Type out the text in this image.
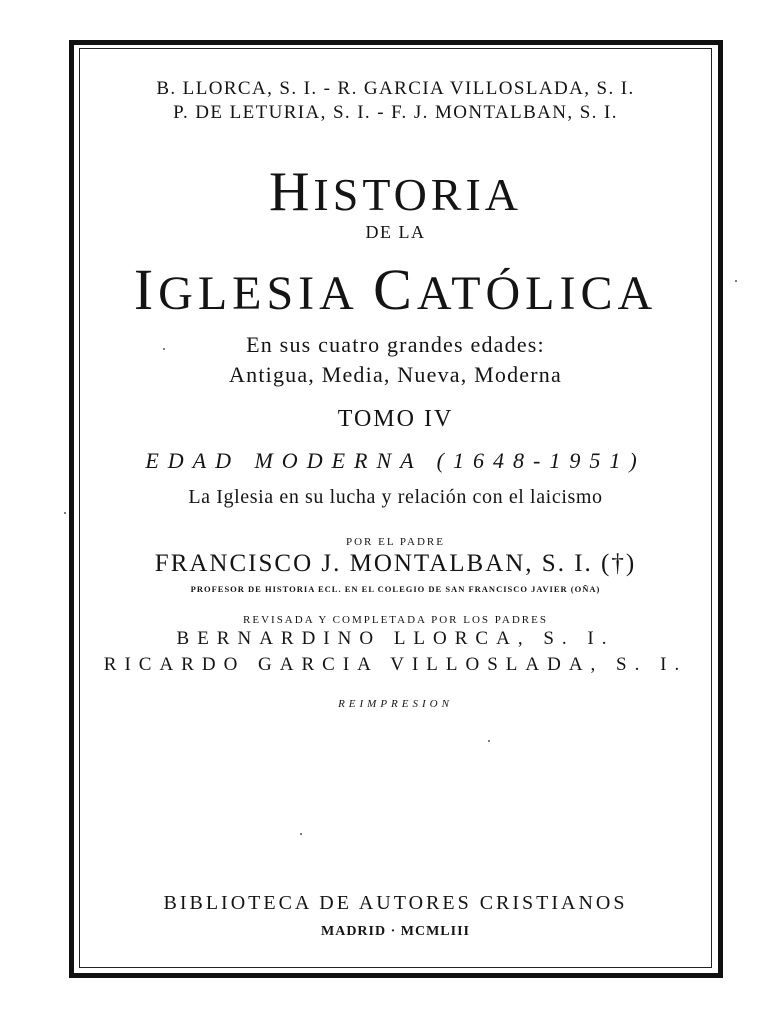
B. LLORCA, S. I. - R. GARCIA VILLOSLADA, S. I.
P. DE LETURIA, S. I. - F. J. MONTALBAN, S. I.
HISTORIA
DE LA
IGLESIA CATÓLICA
En sus cuatro grandes edades:
Antigua, Media, Nueva, Moderna
TOMO IV
EDAD MODERNA (1648-1951)
La Iglesia en su lucha y relación con el laicismo
POR EL PADRE
FRANCISCO J. MONTALBAN, S. I. (†)
PROFESOR DE HISTORIA ECL. EN EL COLEGIO DE SAN FRANCISCO JAVIER (OÑA)
REVISADA Y COMPLETADA POR LOS PADRES
BERNARDINO LLORCA, S. I.
RICARDO GARCIA VILLOSLADA, S. I.
REIMPRESION
BIBLIOTECA DE AUTORES CRISTIANOS
MADRID · MCMLIII
